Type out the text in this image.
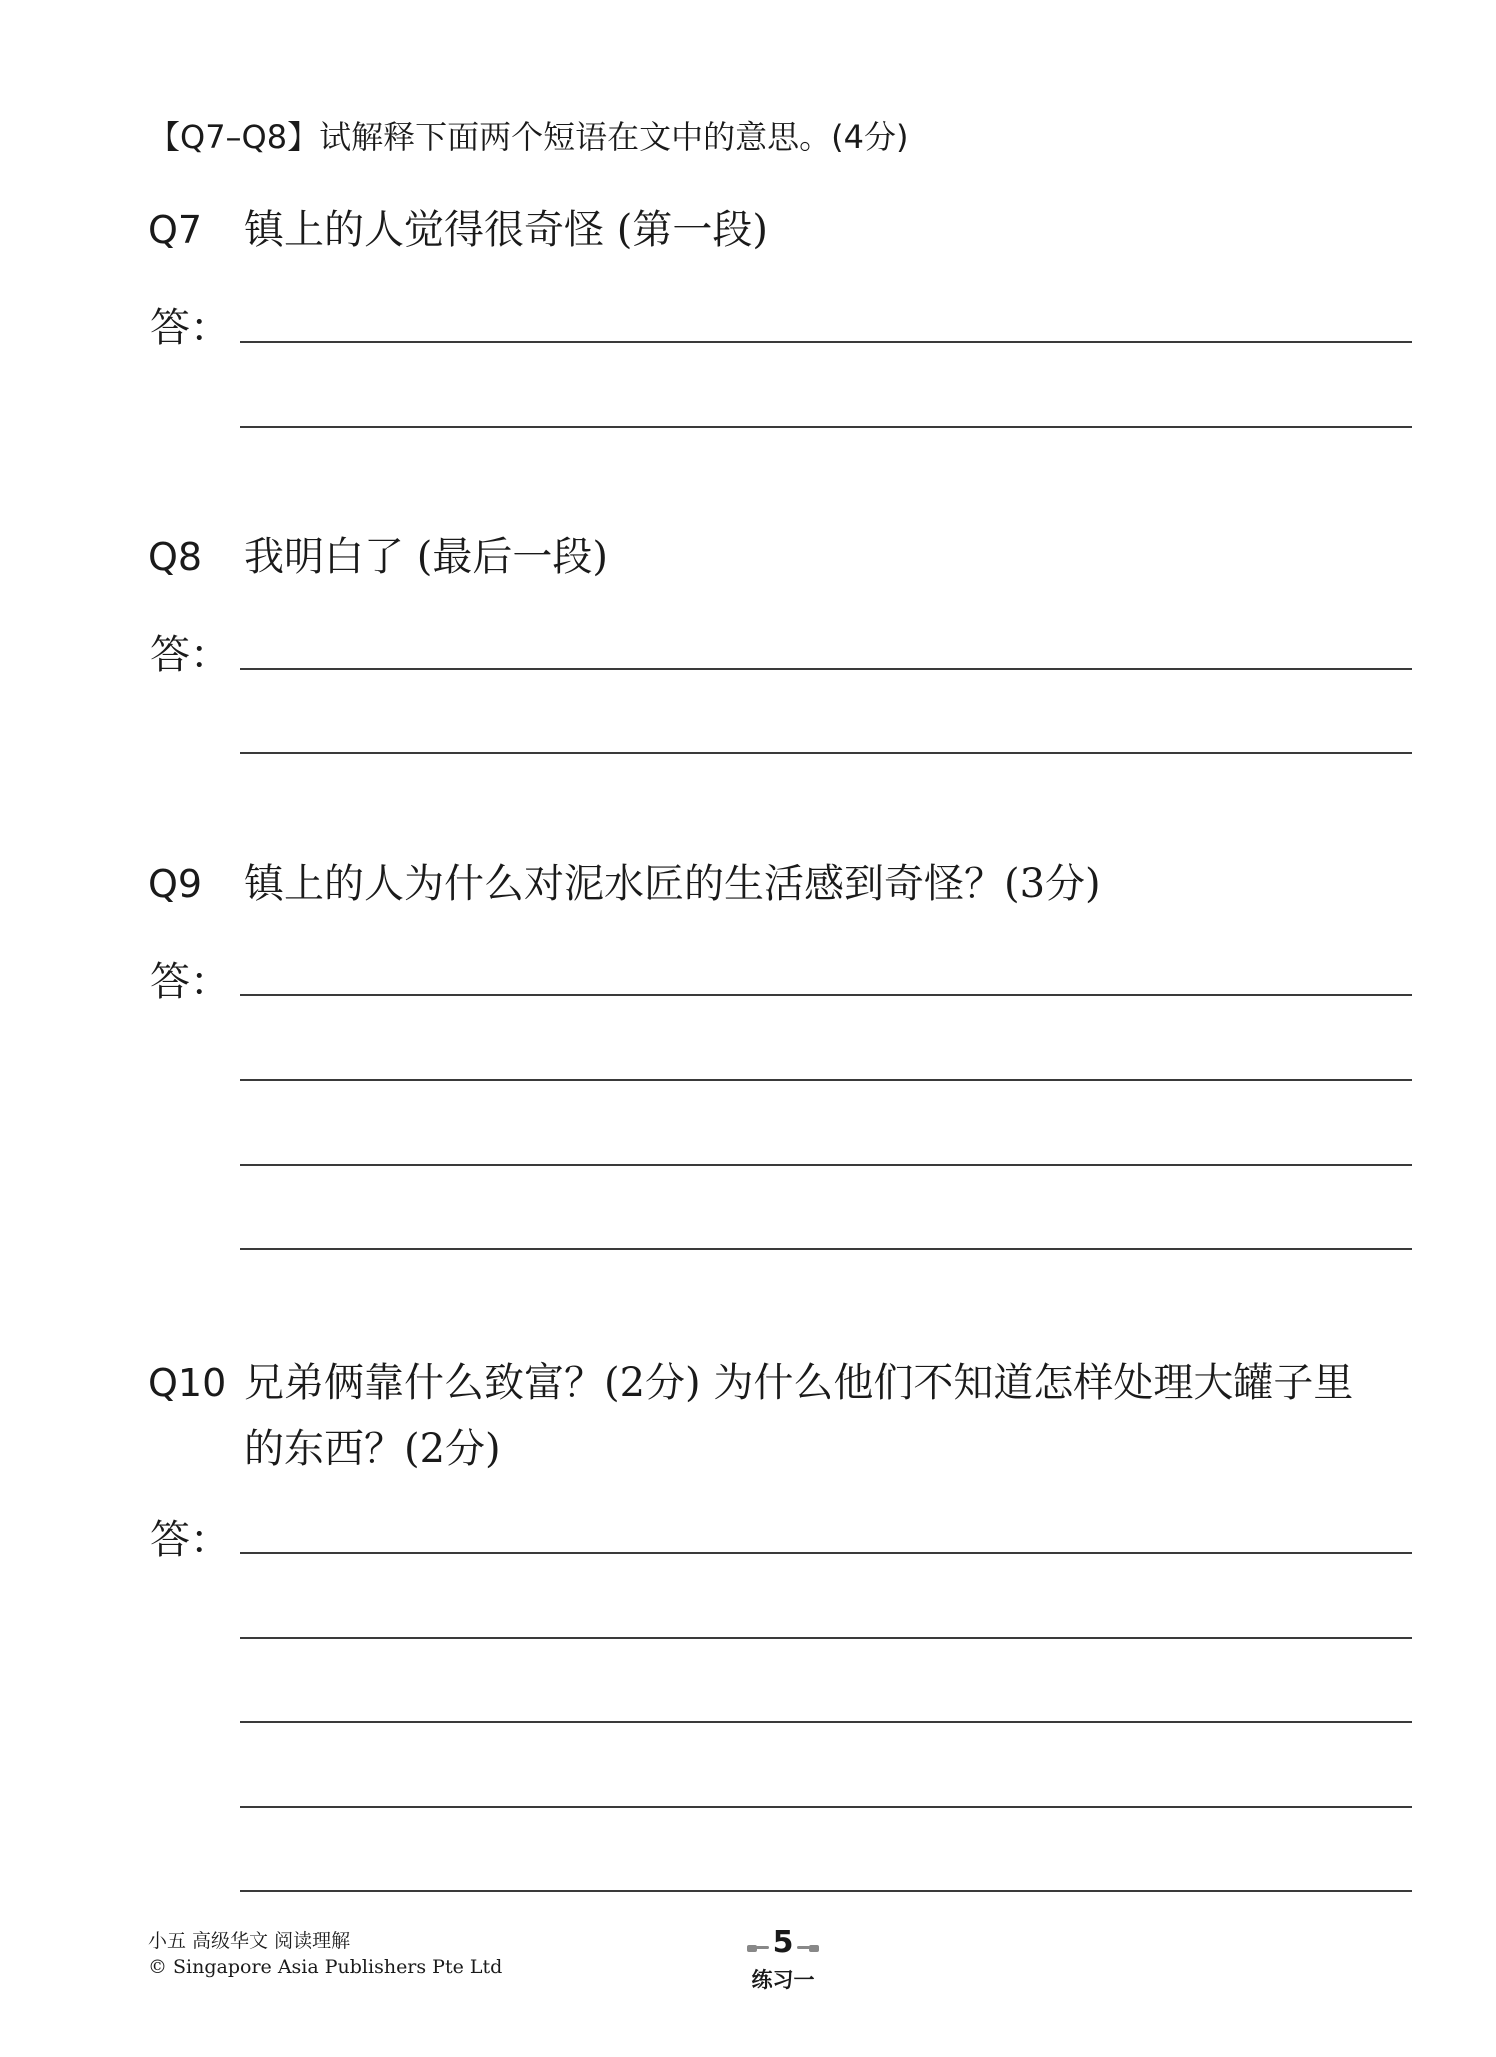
【Q7–Q8】试解释下面两个短语在文中的意思。(4分)
Q7 镇上的人觉得很奇怪 (第一段)
答：
Q8 我明白了 (最后一段)
答：
Q9 镇上的人为什么对泥水匠的生活感到奇怪？(3分)
答：
Q10 兄弟俩靠什么致富？(2分) 为什么他们不知道怎样处理大罐子里
的东西？(2分)
答：
小五 高级华文 阅读理解
© Singapore Asia Publishers Pte Ltd
5
练习一
